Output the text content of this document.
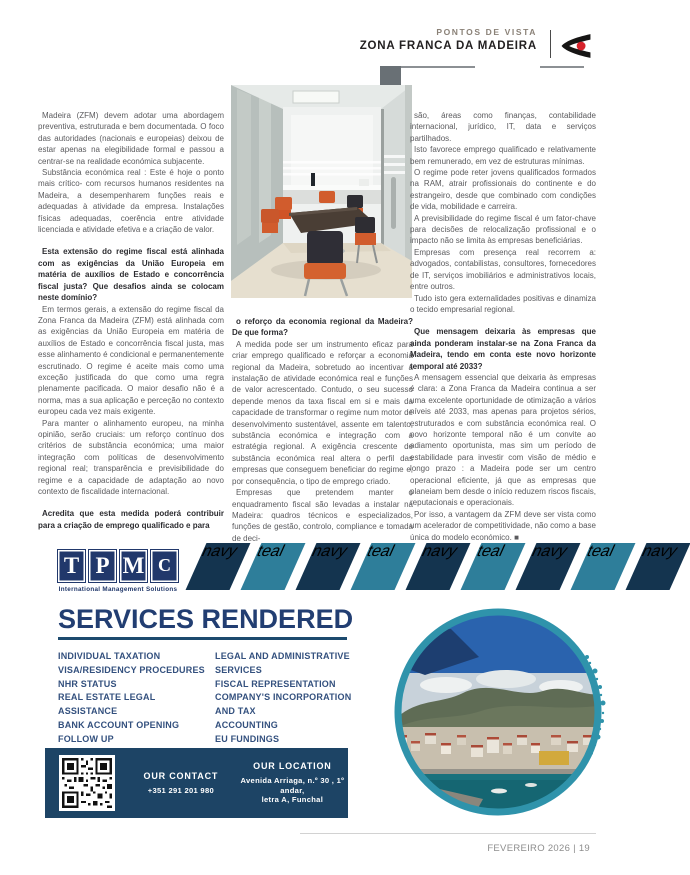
PONTOS DE VISTA
ZONA FRANCA DA MADEIRA

Madeira (ZFM) devem adotar uma abordagem preventiva, estruturada e bem documentada. O foco das autoridades (nacionais e europeias) deixou de estar apenas na elegibilidade formal e passou a centrar-se na realidade económica subjacente.

Substância económica real : Este é hoje o ponto mais crítico- com recursos humanos residentes na Madeira, a desempenharem funções reais e adequadas à atividade da empresa. Instalações físicas adequadas, coerência entre atividade licenciada e atividade efetiva e a criação de valor.

Esta extensão do regime fiscal está alinhada com as exigências da União Europeia em matéria de auxílios de Estado e concorrência fiscal justa? Que desafios ainda se colocam neste domínio?

Em termos gerais, a extensão do regime fiscal da Zona Franca da Madeira (ZFM) está alinhada com as exigências da União Europeia em matéria de auxílios de Estado e concorrência fiscal justa, mas esse alinhamento é condicional e permanentemente escrutinado. O regime é aceite mais como uma exceção justificada do que como uma regra plenamente pacificada. O maior desafio não é a norma, mas a sua aplicação e perceção no contexto europeu cada vez mais exigente.

Para manter o alinhamento europeu, na minha opinião, serão cruciais: um reforço contínuo dos critérios de substância económica; uma maior integração com políticas de desenvolvimento regional real; transparência e previsibilidade do regime e a capacidade de adaptação ao novo contexto de fiscalidade internacional.

Acredita que esta medida poderá contribuir para a criação de emprego qualificado e para

o reforço da economia regional da Madeira? De que forma?

A medida pode ser um instrumento eficaz para criar emprego qualificado e reforçar a economia regional da Madeira, sobretudo ao incentivar a instalação de atividade económica real e funções de valor acrescentado. Contudo, o seu sucesso depende menos da taxa fiscal em si e mais da capacidade de transformar o regime num motor de desenvolvimento sustentável, assente em talento, substância económica e integração com a estratégia regional. A exigência crescente de substância económica real altera o perfil das empresas que conseguem beneficiar do regime e, por consequência, o tipo de emprego criado.

Empresas que pretendem manter o enquadramento fiscal são levadas a instalar na Madeira: quadros técnicos e especializados, funções de gestão, controlo, compliance e tomada de deci-

são, áreas como finanças, contabilidade internacional, jurídico, IT, data e serviços partilhados.

Isto favorece emprego qualificado e relativamente bem remunerado, em vez de estruturas mínimas.

O regime pode reter jovens qualificados formados na RAM, atrair profissionais do continente e do estrangeiro, desde que combinado com condições de vida, mobilidade e carreira.

A previsibilidade do regime fiscal é um fator-chave para decisões de relocalização profissional e o impacto não se limita às empresas beneficiárias.

Empresas com presença real recorrem a: advogados, contabilistas, consultores, fornecedores de IT, serviços imobiliários e administrativos locais, entre outros.

Tudo isto gera externalidades positivas e dinamiza o tecido empresarial regional.

Que mensagem deixaria às empresas que ainda ponderam instalar-se na Zona Franca da Madeira, tendo em conta este novo horizonte temporal até 2033?

A mensagem essencial que deixaria às empresas é clara: a Zona Franca da Madeira continua a ser uma excelente oportunidade de otimização a vários níveis até 2033, mas apenas para projetos sérios, estruturados e com substância económica real. O novo horizonte temporal não é um convite ao adiamento oportunista, mas sim um período de estabilidade para investir com visão de médio e longo prazo : a Madeira pode ser um centro operacional eficiente, já que as empresas que planeiam bem desde o início reduzem riscos fiscais, reputacionais e operacionais.

Por isso, a vantagem da ZFM deve ser vista como um acelerador de competitividade, não como a base única do modelo económico. ■

T P M C
International Management Solutions
navy teal	navy teal	navy teal	navy teal	navy
SERVICES RENDERED
INDIVIDUAL TAXATION
VISA/RESIDENCY PROCEDURES
NHR STATUS
REAL ESTATE LEGAL
ASSISTANCE
BANK ACCOUNT OPENING
FOLLOW UP
LEGAL AND ADMINISTRATIVE
SERVICES
FISCAL REPRESENTATION
COMPANY'S INCORPORATION
AND TAX
ACCOUNTING
EU FUNDINGS
OUR CONTACT
+351 291 201 980
OUR LOCATION
Avenida Arriaga, n.º 30 , 1º andar,
letra A, Funchal
FEVEREIRO 2026 | 19
